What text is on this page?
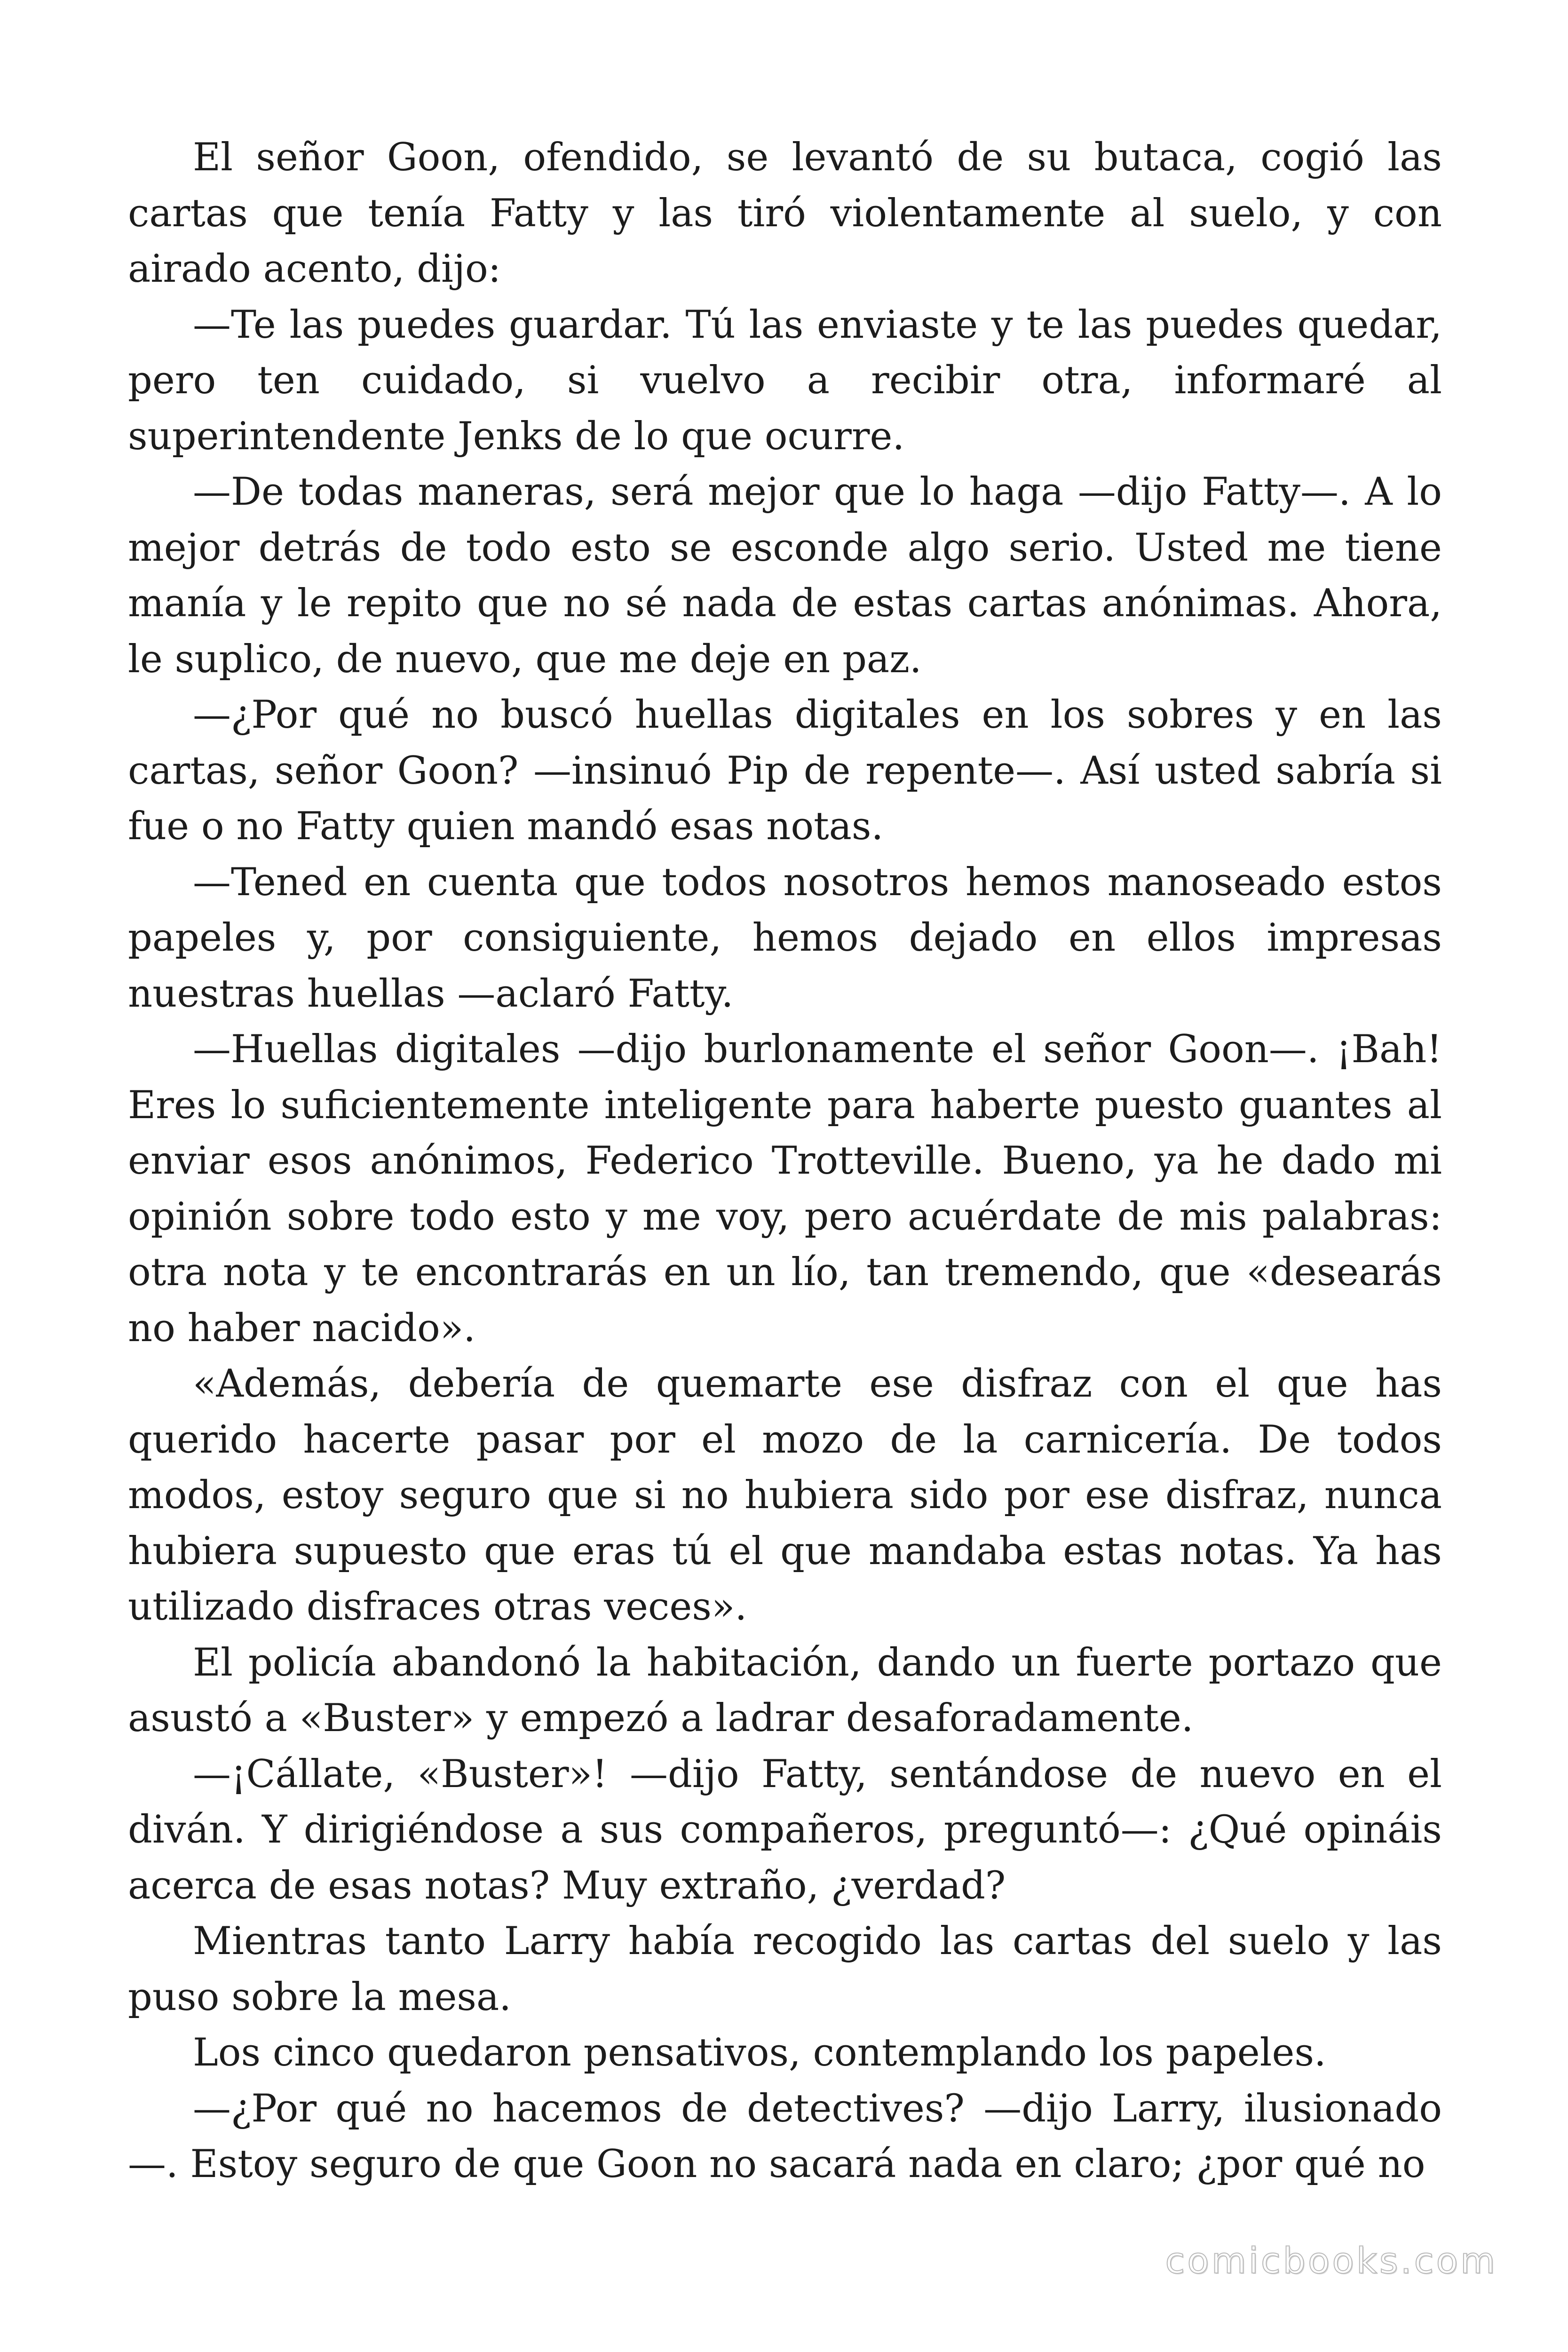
El señor Goon, ofendido, se levantó de su butaca, cogió las cartas que tenía Fatty y las tiró violentamente al suelo, y con airado acento, dijo:

—Te las puedes guardar. Tú las enviaste y te las puedes quedar, pero ten cuidado, si vuelvo a recibir otra, informaré al superintendente Jenks de lo que ocurre.

—De todas maneras, será mejor que lo haga —dijo Fatty—. A lo mejor detrás de todo esto se esconde algo serio. Usted me tiene manía y le repito que no sé nada de estas cartas anónimas. Ahora, le suplico, de nuevo, que me deje en paz.

—¿Por qué no buscó huellas digitales en los sobres y en las cartas, señor Goon? —insinuó Pip de repente—. Así usted sabría si fue o no Fatty quien mandó esas notas.

—Tened en cuenta que todos nosotros hemos manoseado estos papeles y, por consiguiente, hemos dejado en ellos impresas nuestras huellas —aclaró Fatty.

—Huellas digitales —dijo burlonamente el señor Goon—. ¡Bah! Eres lo suficientemente inteligente para haberte puesto guantes al enviar esos anónimos, Federico Trotteville. Bueno, ya he dado mi opinión sobre todo esto y me voy, pero acuérdate de mis palabras: otra nota y te encontrarás en un lío, tan tremendo, que «desearás no haber nacido».

«Además, debería de quemarte ese disfraz con el que has querido hacerte pasar por el mozo de la carnicería. De todos modos, estoy seguro que si no hubiera sido por ese disfraz, nunca hubiera supuesto que eras tú el que mandaba estas notas. Ya has utilizado disfraces otras veces».

El policía abandonó la habitación, dando un fuerte portazo que asustó a «Buster» y empezó a ladrar desaforadamente.

—¡Cállate, «Buster»! —dijo Fatty, sentándose de nuevo en el diván. Y dirigiéndose a sus compañeros, preguntó—: ¿Qué opináis acerca de esas notas? Muy extraño, ¿verdad?

Mientras tanto Larry había recogido las cartas del suelo y las puso sobre la mesa.

Los cinco quedaron pensativos, contemplando los papeles.

—¿Por qué no hacemos de detectives? —dijo Larry, ilusionado —. Estoy seguro de que Goon no sacará nada en claro; ¿por qué no

comicbooks.com
